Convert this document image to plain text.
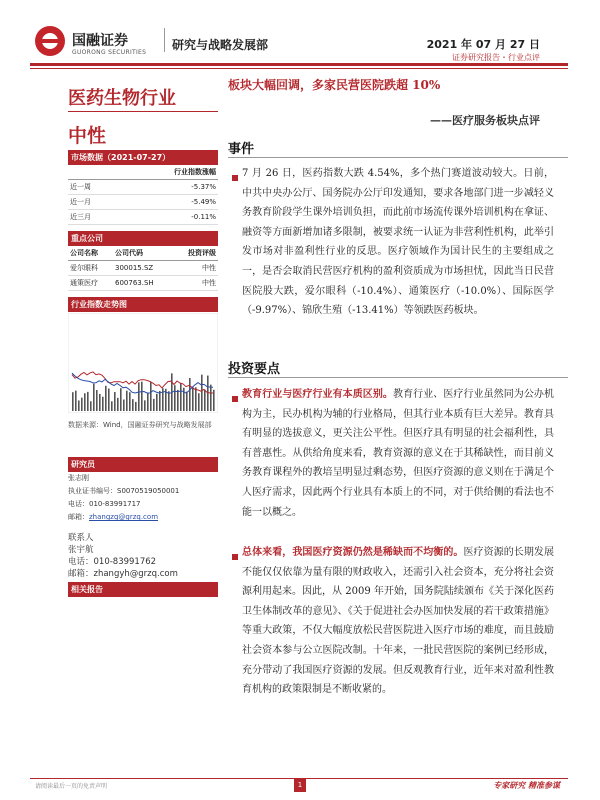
国融证券
GUORONG SECURITIES
研究与战略发展部	2021 年 07 月 27 日
证券研究报告・行业点评
医药生物行业
中性
市场数据（2021-07-27）
	行业指数涨幅
近一周	-5.37%
近一月	-5.49%
近三月	-0.11%
重点公司
公司名称	公司代码	投资评级
爱尔眼科	300015.SZ	中性
通策医疗	600763.SH	中性
行业指数走势图
数据来源：Wind，国融证券研究与战略发展部
研究员
张志刚
执业证书编号：S0070519050001
电话：010-83991717
邮箱：zhangzg@grzq.com
联系人
张宇航
电话：010-83991762
邮箱：zhangyh@grzq.com
相关报告
板块大幅回调，多家民营医院跌超 10%
——医疗服务板块点评
事件
7 月 26 日，医药指数大跌 4.54%，多个热门赛道波动较大。日前，中共中央办公厅、国务院办公厅印发通知，要求各地部门进一步减轻义务教育阶段学生课外培训负担，而此前市场流传课外培训机构在拿证、融资等方面新增加诸多限制，被要求统一认证为非营利性机构，此举引发市场对非盈利性行业的反思。医疗领域作为国计民生的主要组成之一，是否会取消民营医疗机构的盈利资质成为市场担忧，因此当日民营医院股大跌，爱尔眼科（-10.4%）、通策医疗（-10.0%）、国际医学（-9.97%）、锦欣生殖（-13.41%）等领跌医药板块。
投资要点
教育行业与医疗行业有本质区别。教育行业、医疗行业虽然同为公办机构为主，民办机构为辅的行业格局，但其行业本质有巨大差异。教育具有明显的选拔意义，更关注公平性。但医疗具有明显的社会福利性，具有普惠性。从供给角度来看，教育资源的意义在于其稀缺性，而目前义务教育课程外的教培呈明显过剩态势，但医疗资源的意义则在于满足个人医疗需求，因此两个行业具有本质上的不同，对于供给侧的看法也不能一以概之。
总体来看，我国医疗资源仍然是稀缺而不均衡的。医疗资源的长期发展不能仅仅依靠为量有限的财政收入，还需引入社会资本，充分将社会资源利用起来。因此，从 2009 年开始，国务院陆续颁布《关于深化医药卫生体制改革的意见》、《关于促进社会办医加快发展的若干政策措施》等重大政策，不仅大幅度放松民营医院进入医疗市场的难度，而且鼓励社会资本参与公立医院改制。十年来，一批民营医院的案例已经形成，充分带动了我国医疗资源的发展。但反观教育行业，近年来对盈利性教育机构的政策限制是不断收紧的。
请阅读最后一页的免责声明	1	专家研究 精准参谋
